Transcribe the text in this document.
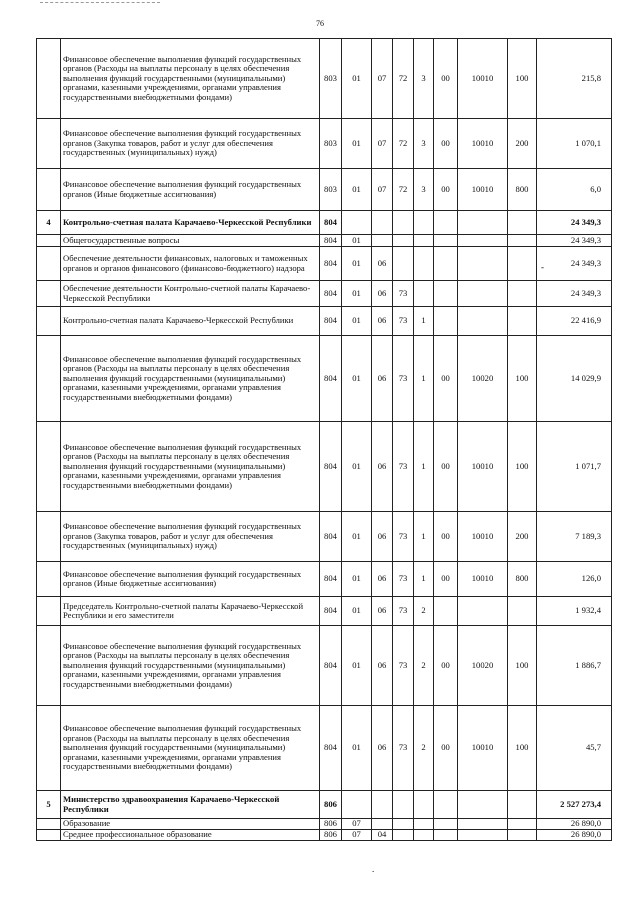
76
-
.
	Финансовое обеспечение выполнения функций государственных органов (Расходы на выплаты персоналу в целях обеспечения выполнения функций государственными (муниципальными) органами, казенными учреждениями, органами управления государственными внебюджетными фондами)	803	01	07	72	3	00	10010	100	215,8
	Финансовое обеспечение выполнения функций государственных органов (Закупка товаров, работ и услуг для обеспечения государственных (муниципальных) нужд)	803	01	07	72	3	00	10010	200	1 070,1
	Финансовое обеспечение выполнения функций государственных органов (Иные бюджетные ассигнования)	803	01	07	72	3	00	10010	800	6,0
4	Контрольно-счетная палата Карачаево-Черкесской Республики	804								24 349,3
	Общегосударственные вопросы	804	01							24 349,3
	Обеспечение деятельности финансовых, налоговых и таможенных органов и органов финансового (финансово-бюджетного) надзора	804	01	06						24 349,3
	Обеспечение деятельности Контрольно-счетной палаты Карачаево-Черкесской Республики	804	01	06	73					24 349,3
	Контрольно-счетная палата Карачаево-Черкесской Республики	804	01	06	73	1				22 416,9
	Финансовое обеспечение выполнения функций государственных органов (Расходы на выплаты персоналу в целях обеспечения выполнения функций государственными (муниципальными) органами, казенными учреждениями, органами управления государственными внебюджетными фондами)	804	01	06	73	1	00	10020	100	14 029,9
	Финансовое обеспечение выполнения функций государственных органов (Расходы на выплаты персоналу в целях обеспечения выполнения функций государственными (муниципальными) органами, казенными учреждениями, органами управления государственными внебюджетными фондами)	804	01	06	73	1	00	10010	100	1 071,7
	Финансовое обеспечение выполнения функций государственных органов (Закупка товаров, работ и услуг для обеспечения государственных (муниципальных) нужд)	804	01	06	73	1	00	10010	200	7 189,3
	Финансовое обеспечение выполнения функций государственных органов (Иные бюджетные ассигнования)	804	01	06	73	1	00	10010	800	126,0
	Председатель Контрольно-счетной палаты Карачаево-Черкесской Республики и его заместители	804	01	06	73	2				1 932,4
	Финансовое обеспечение выполнения функций государственных органов (Расходы на выплаты персоналу в целях обеспечения выполнения функций государственными (муниципальными) органами, казенными учреждениями, органами управления государственными внебюджетными фондами)	804	01	06	73	2	00	10020	100	1 886,7
	Финансовое обеспечение выполнения функций государственных органов (Расходы на выплаты персоналу в целях обеспечения выполнения функций государственными (муниципальными) органами, казенными учреждениями, органами управления государственными внебюджетными фондами)	804	01	06	73	2	00	10010	100	45,7
5	Министерство здравоохранения Карачаево-Черкесской Республики	806								2 527 273,4
	Образование	806	07							26 890,0
	Среднее профессиональное образование	806	07	04						26 890,0
